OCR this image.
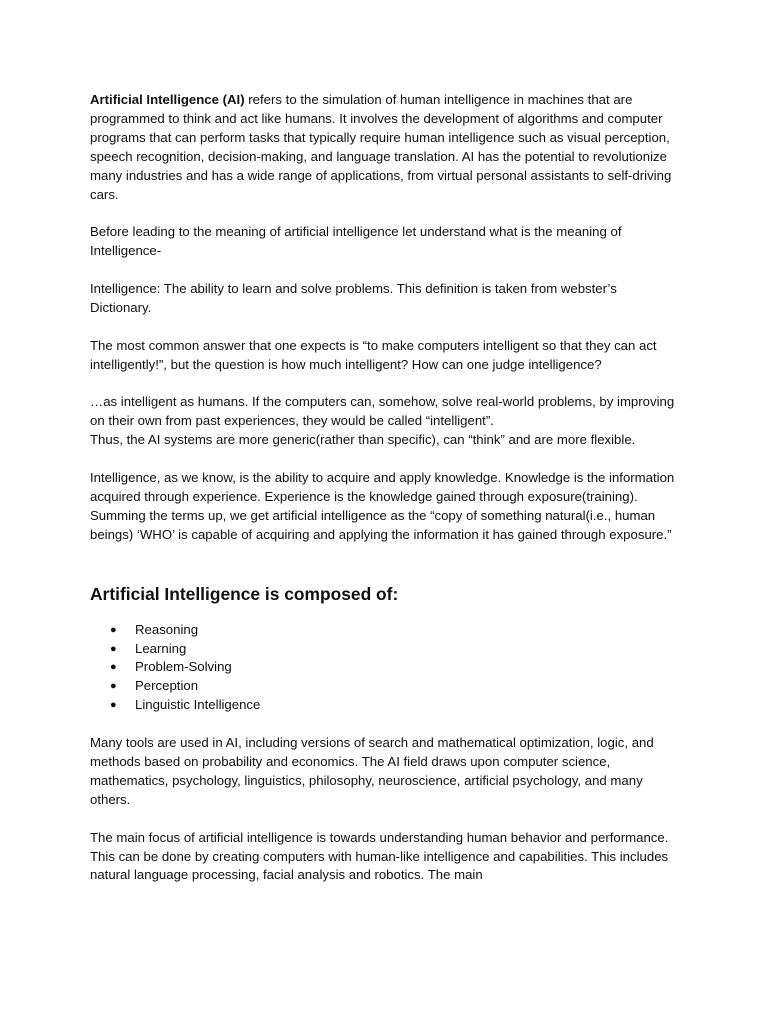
Artificial Intelligence (AI) refers to the simulation of human intelligence in machines that are programmed to think and act like humans. It involves the development of algorithms and computer programs that can perform tasks that typically require human intelligence such as visual perception, speech recognition, decision-making, and language translation. AI has the potential to revolutionize many industries and has a wide range of applications, from virtual personal assistants to self-driving cars.

Before leading to the meaning of artificial intelligence let understand what is the meaning of Intelligence-

Intelligence: The ability to learn and solve problems. This definition is taken from webster’s Dictionary.

The most common answer that one expects is “to make computers intelligent so that they can act intelligently!”, but the question is how much intelligent? How can one judge intelligence?

…as intelligent as humans. If the computers can, somehow, solve real-world problems, by improving on their own from past experiences, they would be called “intelligent”.

Thus, the AI systems are more generic(rather than specific), can “think” and are more flexible.

Intelligence, as we know, is the ability to acquire and apply knowledge. Knowledge is the information acquired through experience. Experience is the knowledge gained through exposure(training). Summing the terms up, we get artificial intelligence as the “copy of something natural(i.e., human beings) ‘WHO’ is capable of acquiring and applying the information it has gained through exposure.”

Artificial Intelligence is composed of:
● Reasoning
● Learning
● Problem-Solving
● Perception
● Linguistic Intelligence

Many tools are used in AI, including versions of search and mathematical optimization, logic, and methods based on probability and economics. The AI field draws upon computer science, mathematics, psychology, linguistics, philosophy, neuroscience, artificial psychology, and many others.

The main focus of artificial intelligence is towards understanding human behavior and performance. This can be done by creating computers with human-like intelligence and capabilities. This includes natural language processing, facial analysis and robotics. The main
